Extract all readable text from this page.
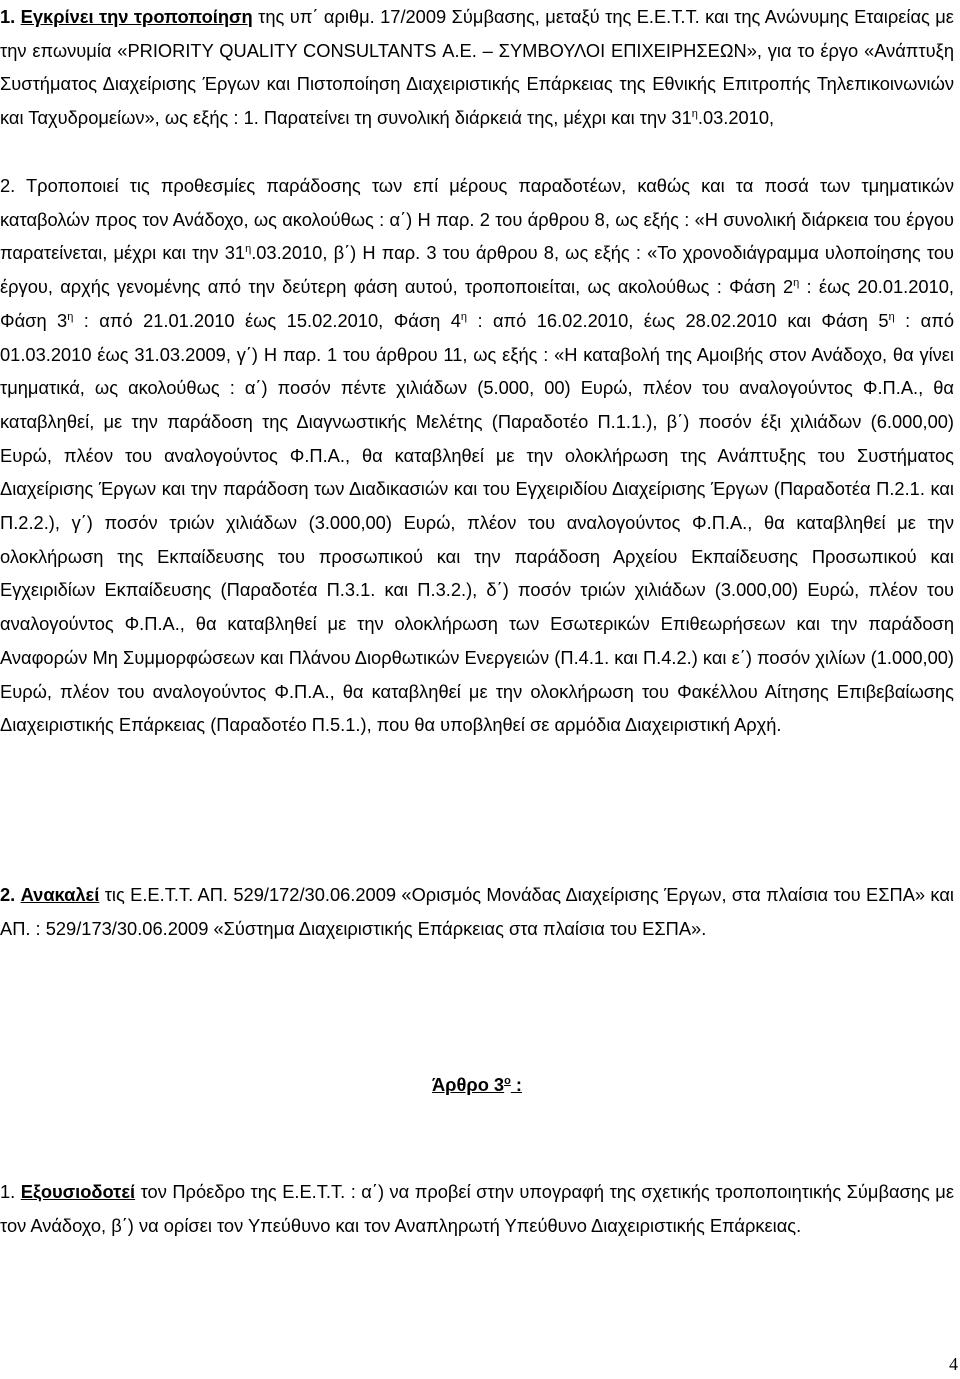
1. Εγκρίνει την τροποποίηση της υπ΄ αριθμ. 17/2009 Σύμβασης, μεταξύ της Ε.Ε.Τ.Τ. και της Ανώνυμης Εταιρείας με την επωνυμία «PRIORITY QUALITY CONSULTANTS Α.Ε. – ΣΥΜΒΟΥΛΟΙ ΕΠΙΧΕΙΡΗΣΕΩΝ», για το έργο «Ανάπτυξη Συστήματος Διαχείρισης Έργων και Πιστοποίηση Διαχειριστικής Επάρκειας της Εθνικής Επιτροπής Τηλεπικοινωνιών και Ταχυδρομείων», ως εξής : 1. Παρατείνει τη συνολική διάρκειά της, μέχρι και την $31^\eta.03.2010$,

2. Τροποποιεί τις προθεσμίες παράδοσης των επί μέρους παραδοτέων, καθώς και τα ποσά των τμηματικών καταβολών προς τον Ανάδοχο, ως ακολούθως : α΄) Η παρ. 2 του άρθρου 8, ως εξής : «Η συνολική διάρκεια του έργου παρατείνεται, μέχρι και την $31^\eta.03.2010$, β΄) Η παρ. 3 του άρθρου 8, ως εξής : «Το χρονοδιάγραμμα υλοποίησης του έργου, αρχής γενομένης από την δεύτερη φάση αυτού, τροποποιείται, ως ακολούθως : Φάση $2^\eta$ : έως 20.01.2010, Φάση $3^\eta$ : από 21.01.2010 έως 15.02.2010, Φάση $4^\eta$ : από 16.02.2010, έως 28.02.2010 και Φάση $5^\eta$ : από 01.03.2010 έως 31.03.2009, γ΄) Η παρ. 1 του άρθρου 11, ως εξής : «Η καταβολή της Αμοιβής στον Ανάδοχο, θα γίνει τμηματικά, ως ακολούθως : α΄) ποσόν πέντε χιλιάδων (5.000, 00) Ευρώ, πλέον του αναλογούντος Φ.Π.Α., θα καταβληθεί, με την παράδοση της Διαγνωστικής Μελέτης (Παραδοτέο Π.1.1.), β΄) ποσόν έξι χιλιάδων (6.000,00) Ευρώ, πλέον του αναλογούντος Φ.Π.Α., θα καταβληθεί με την ολοκλήρωση της Ανάπτυξης του Συστήματος Διαχείρισης Έργων και την παράδοση των Διαδικασιών και του Εγχειριδίου Διαχείρισης Έργων (Παραδοτέα Π.2.1. και Π.2.2.), γ΄) ποσόν τριών χιλιάδων (3.000,00) Ευρώ, πλέον του αναλογούντος Φ.Π.Α., θα καταβληθεί με την ολοκλήρωση της Εκπαίδευσης του προσωπικού και την παράδοση Αρχείου Εκπαίδευσης Προσωπικού και Εγχειριδίων Εκπαίδευσης (Παραδοτέα Π.3.1. και Π.3.2.), δ΄) ποσόν τριών χιλιάδων (3.000,00) Ευρώ, πλέον του αναλογούντος Φ.Π.Α., θα καταβληθεί με την ολοκλήρωση των Εσωτερικών Επιθεωρήσεων και την παράδοση Αναφορών Μη Συμμορφώσεων και Πλάνου Διορθωτικών Ενεργειών (Π.4.1. και Π.4.2.) και ε΄) ποσόν χιλίων (1.000,00) Ευρώ, πλέον του αναλογούντος Φ.Π.Α., θα καταβληθεί με την ολοκλήρωση του Φακέλλου Αίτησης Επιβεβαίωσης Διαχειριστικής Επάρκειας (Παραδοτέο Π.5.1.), που θα υποβληθεί σε αρμόδια Διαχειριστική Αρχή.

2. Ανακαλεί τις Ε.Ε.Τ.Τ. ΑΠ. 529/172/30.06.2009 «Ορισμός Μονάδας Διαχείρισης Έργων, στα πλαίσια του ΕΣΠΑ» και ΑΠ. : 529/173/30.06.2009 «Σύστημα Διαχειριστικής Επάρκειας στα πλαίσια του ΕΣΠΑ».

Άρθρο $3^o$ :

1. Εξουσιοδοτεί τον Πρόεδρο της Ε.Ε.Τ.Τ. : α΄) να προβεί στην υπογραφή της σχετικής τροποποιητικής Σύμβασης με τον Ανάδοχο, β΄) να ορίσει τον Υπεύθυνο και τον Αναπληρωτή Υπεύθυνο Διαχειριστικής Επάρκειας.

4
